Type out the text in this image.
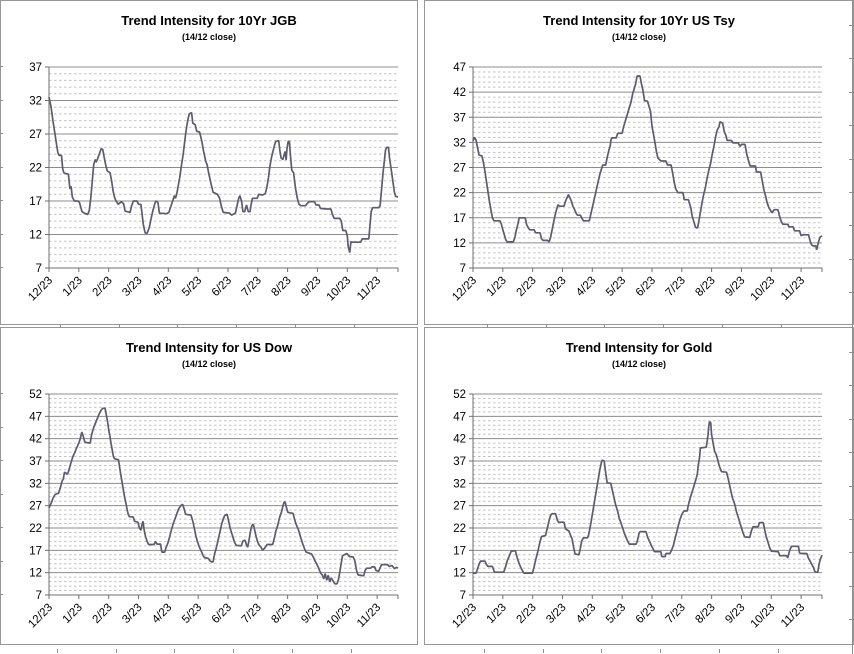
Trend Intensity for 10Yr JGB
(14/12 close)
7
12
17
22
27
32
37
12/23 1/23 2/23 3/23 4/23 5/23 6/23 7/23 8/23 9/23 10/23 11/23
Trend Intensity for 10Yr US Tsy
(14/12 close)
7
12
17
22
27
32
37
42
47
12/23 1/23 2/23 3/23 4/23 5/23 6/23 7/23 8/23 9/23 10/23 11/23
Trend Intensity for US Dow
(14/12 close)
7
12
17
22
27
32
37
42
47
52
12/23 1/23 2/23 3/23 4/23 5/23 6/23 7/23 8/23 9/23 10/23 11/23
Trend Intensity for Gold
(14/12 close)
7
12
17
22
27
32
37
42
47
52
12/23 1/23 2/23 3/23 4/23 5/23 6/23 7/23 8/23 9/23 10/23 11/23
